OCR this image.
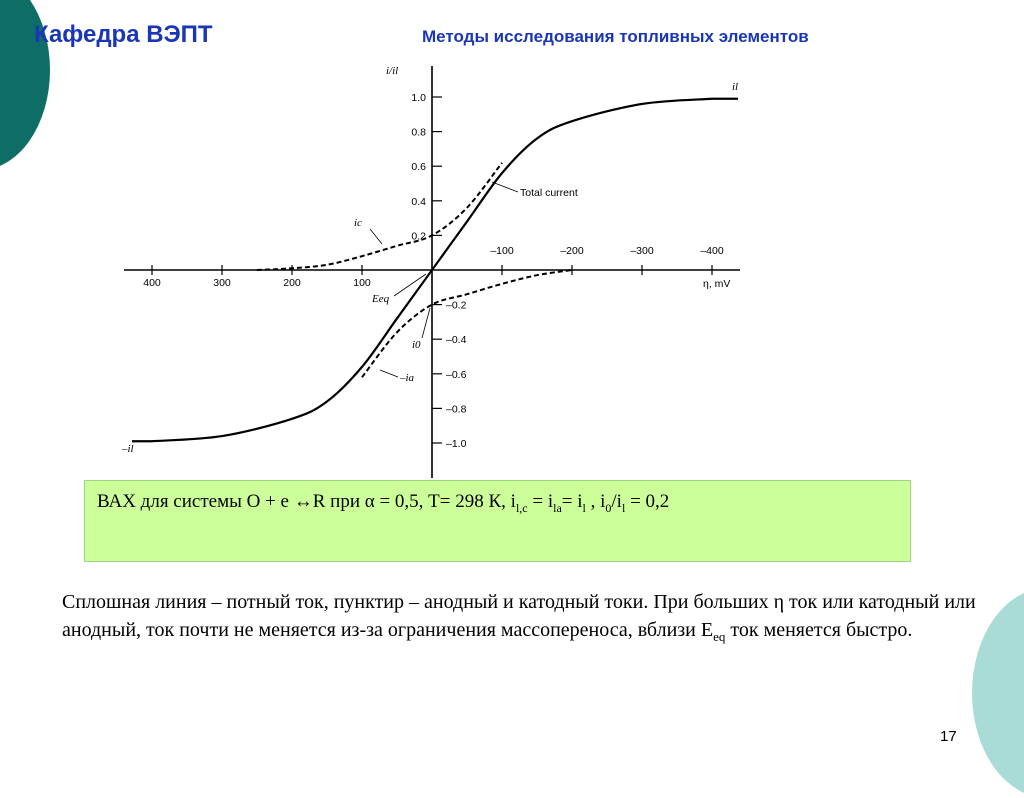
Кафедра ВЭПТ	Методы исследования топливных элементов
400	300	200	100
–100	–200	–300	–400
1.0
0.8
0.6
0.4
0.2
–0.2
–0.4
–0.6
–0.8
–1.0
η, mV
i/il
il
–il
ic
Total current
Eeq
i0
–ia
ВАХ для системы O + e ↔R при α = 0,5, T= 298 К, $i_{l,c} = i_{la}= i_l$ , $i_0/i_l = 0,2$
Сплошная линия – потный ток, пунктир – анодный и катодный токи. При больших η ток или катодный или анодный, ток почти не меняется из-за ограничения массопереноса, вблизи $E_{eq}$ ток меняется быстро.
17
